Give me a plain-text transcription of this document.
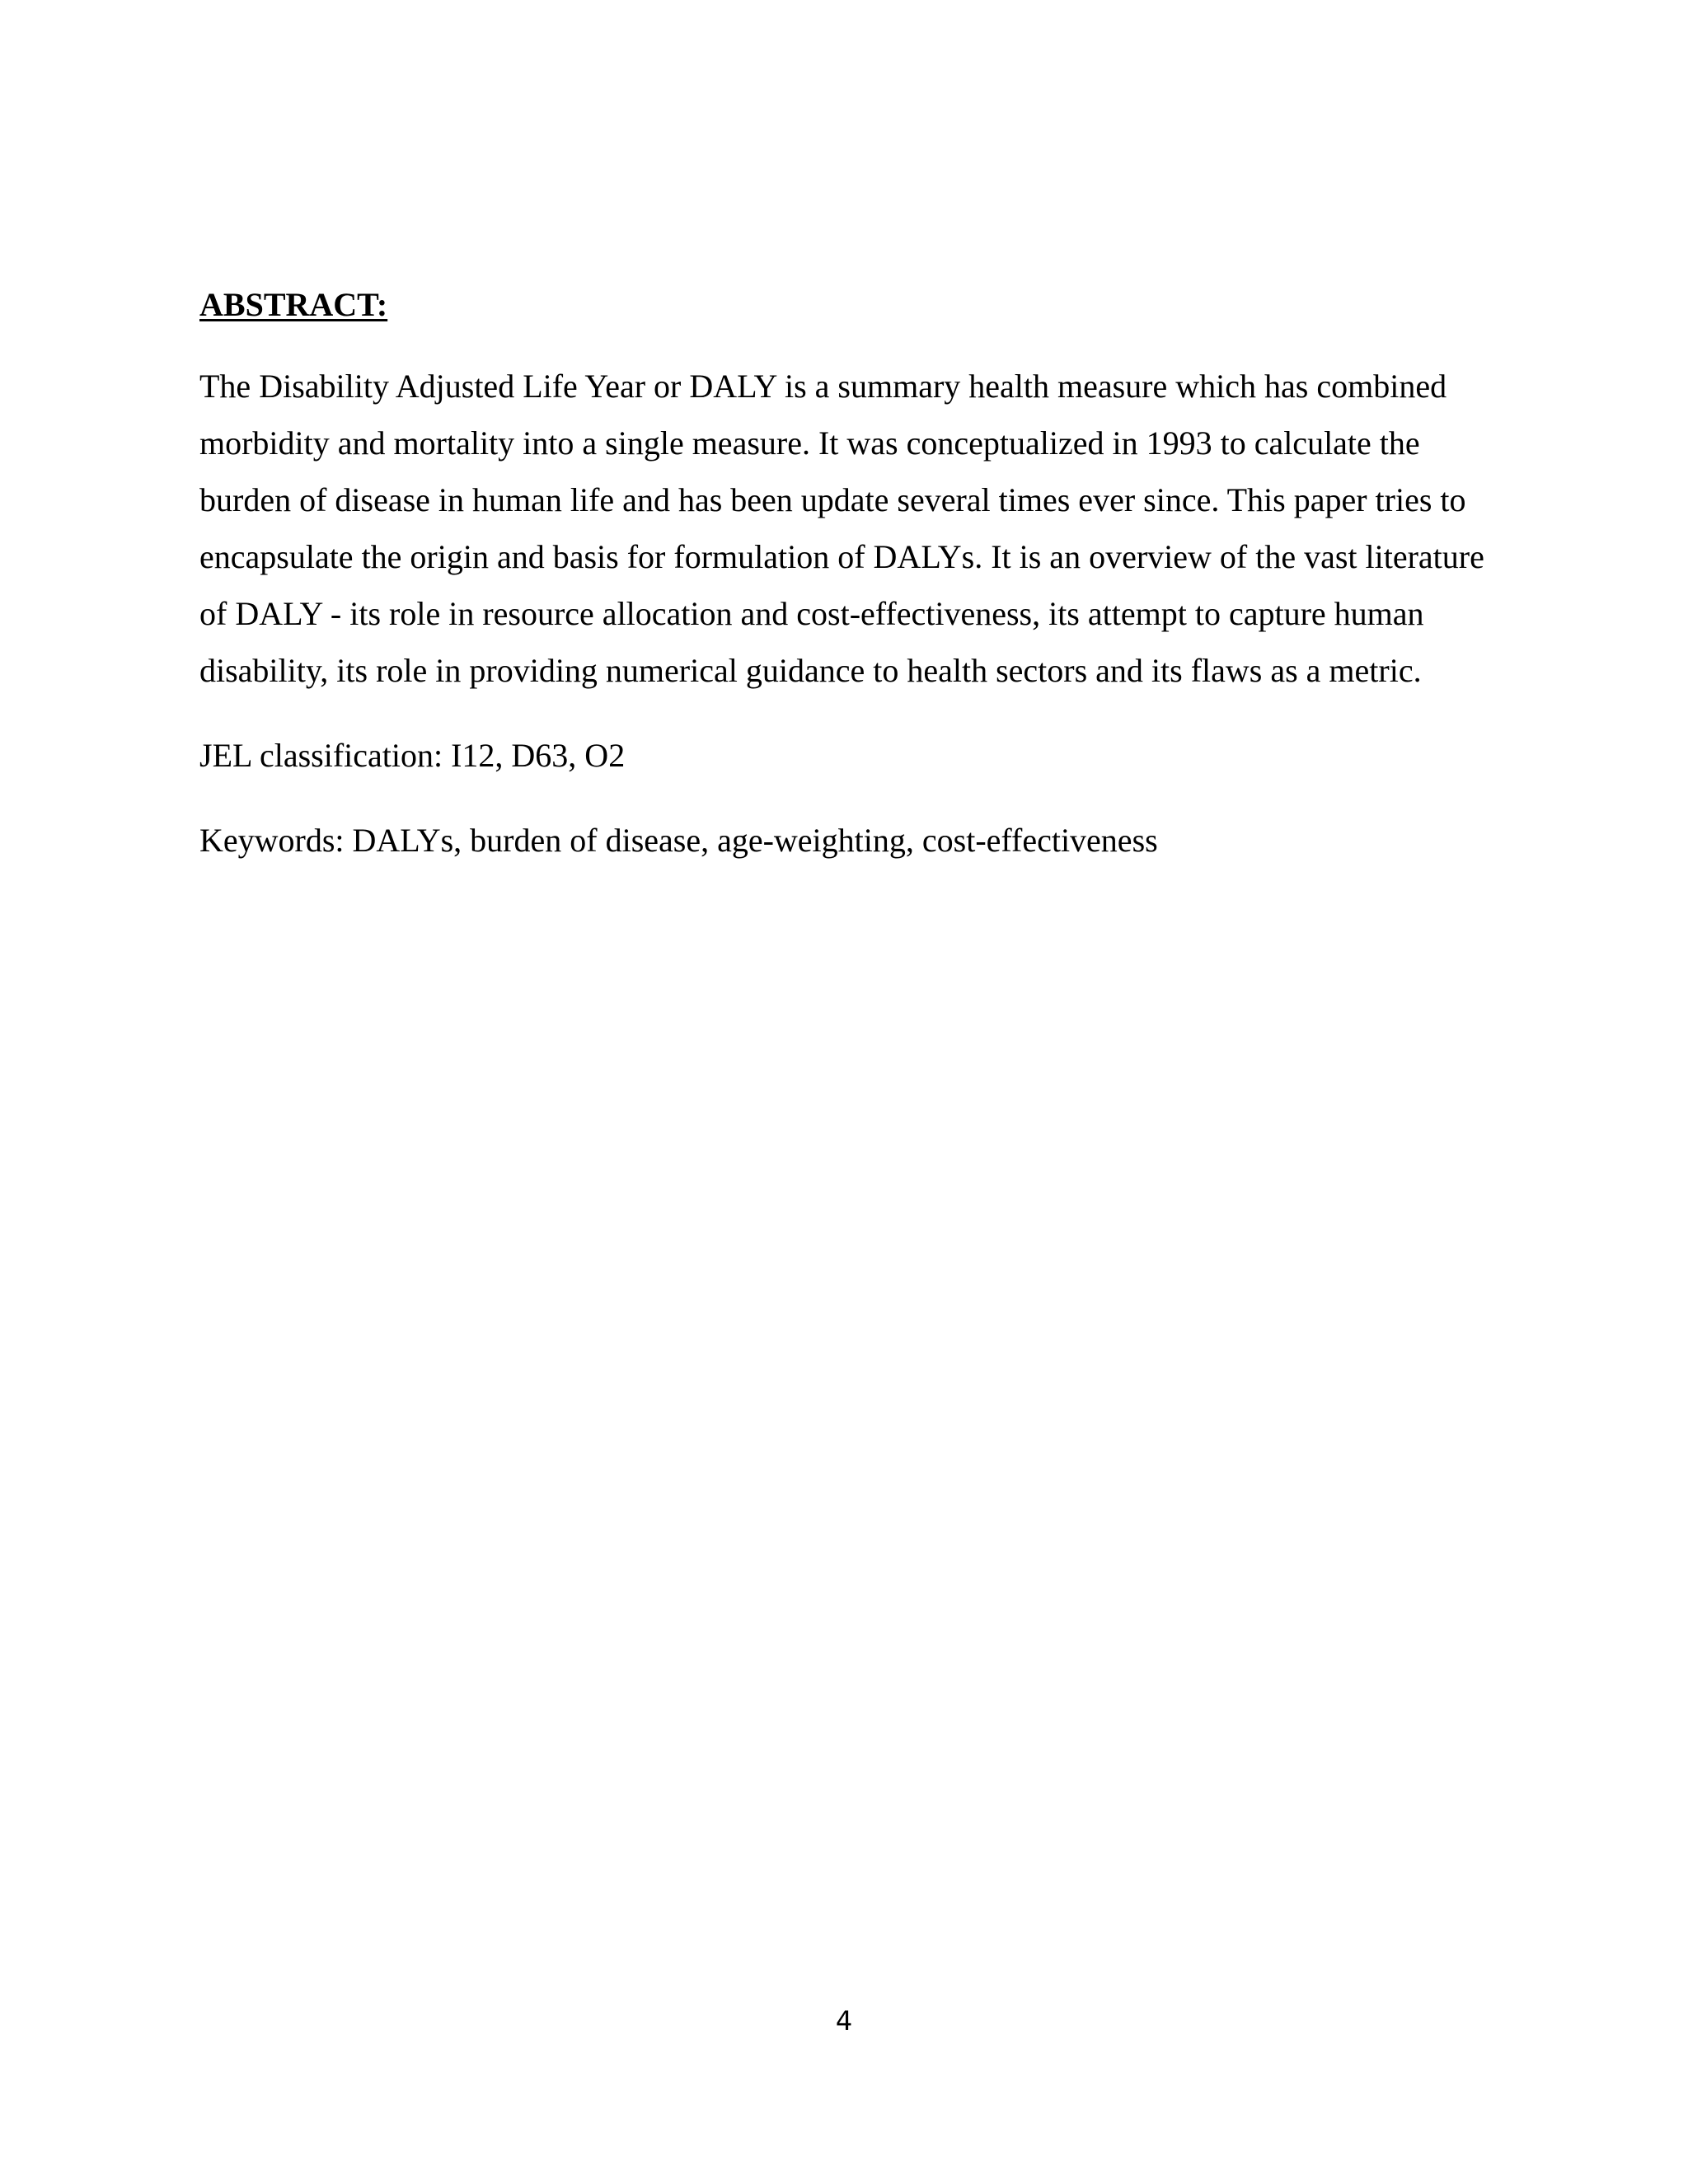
ABSTRACT:

The Disability Adjusted Life Year or DALY is a summary health measure which has combined morbidity and mortality into a single measure. It was conceptualized in 1993 to calculate the burden of disease in human life and has been update several times ever since. This paper tries to encapsulate the origin and basis for formulation of DALYs. It is an overview of the vast literature of DALY - its role in resource allocation and cost-effectiveness, its attempt to capture human disability, its role in providing numerical guidance to health sectors and its flaws as a metric.

JEL classification: I12, D63, O2

Keywords: DALYs, burden of disease, age-weighting, cost-effectiveness

4
